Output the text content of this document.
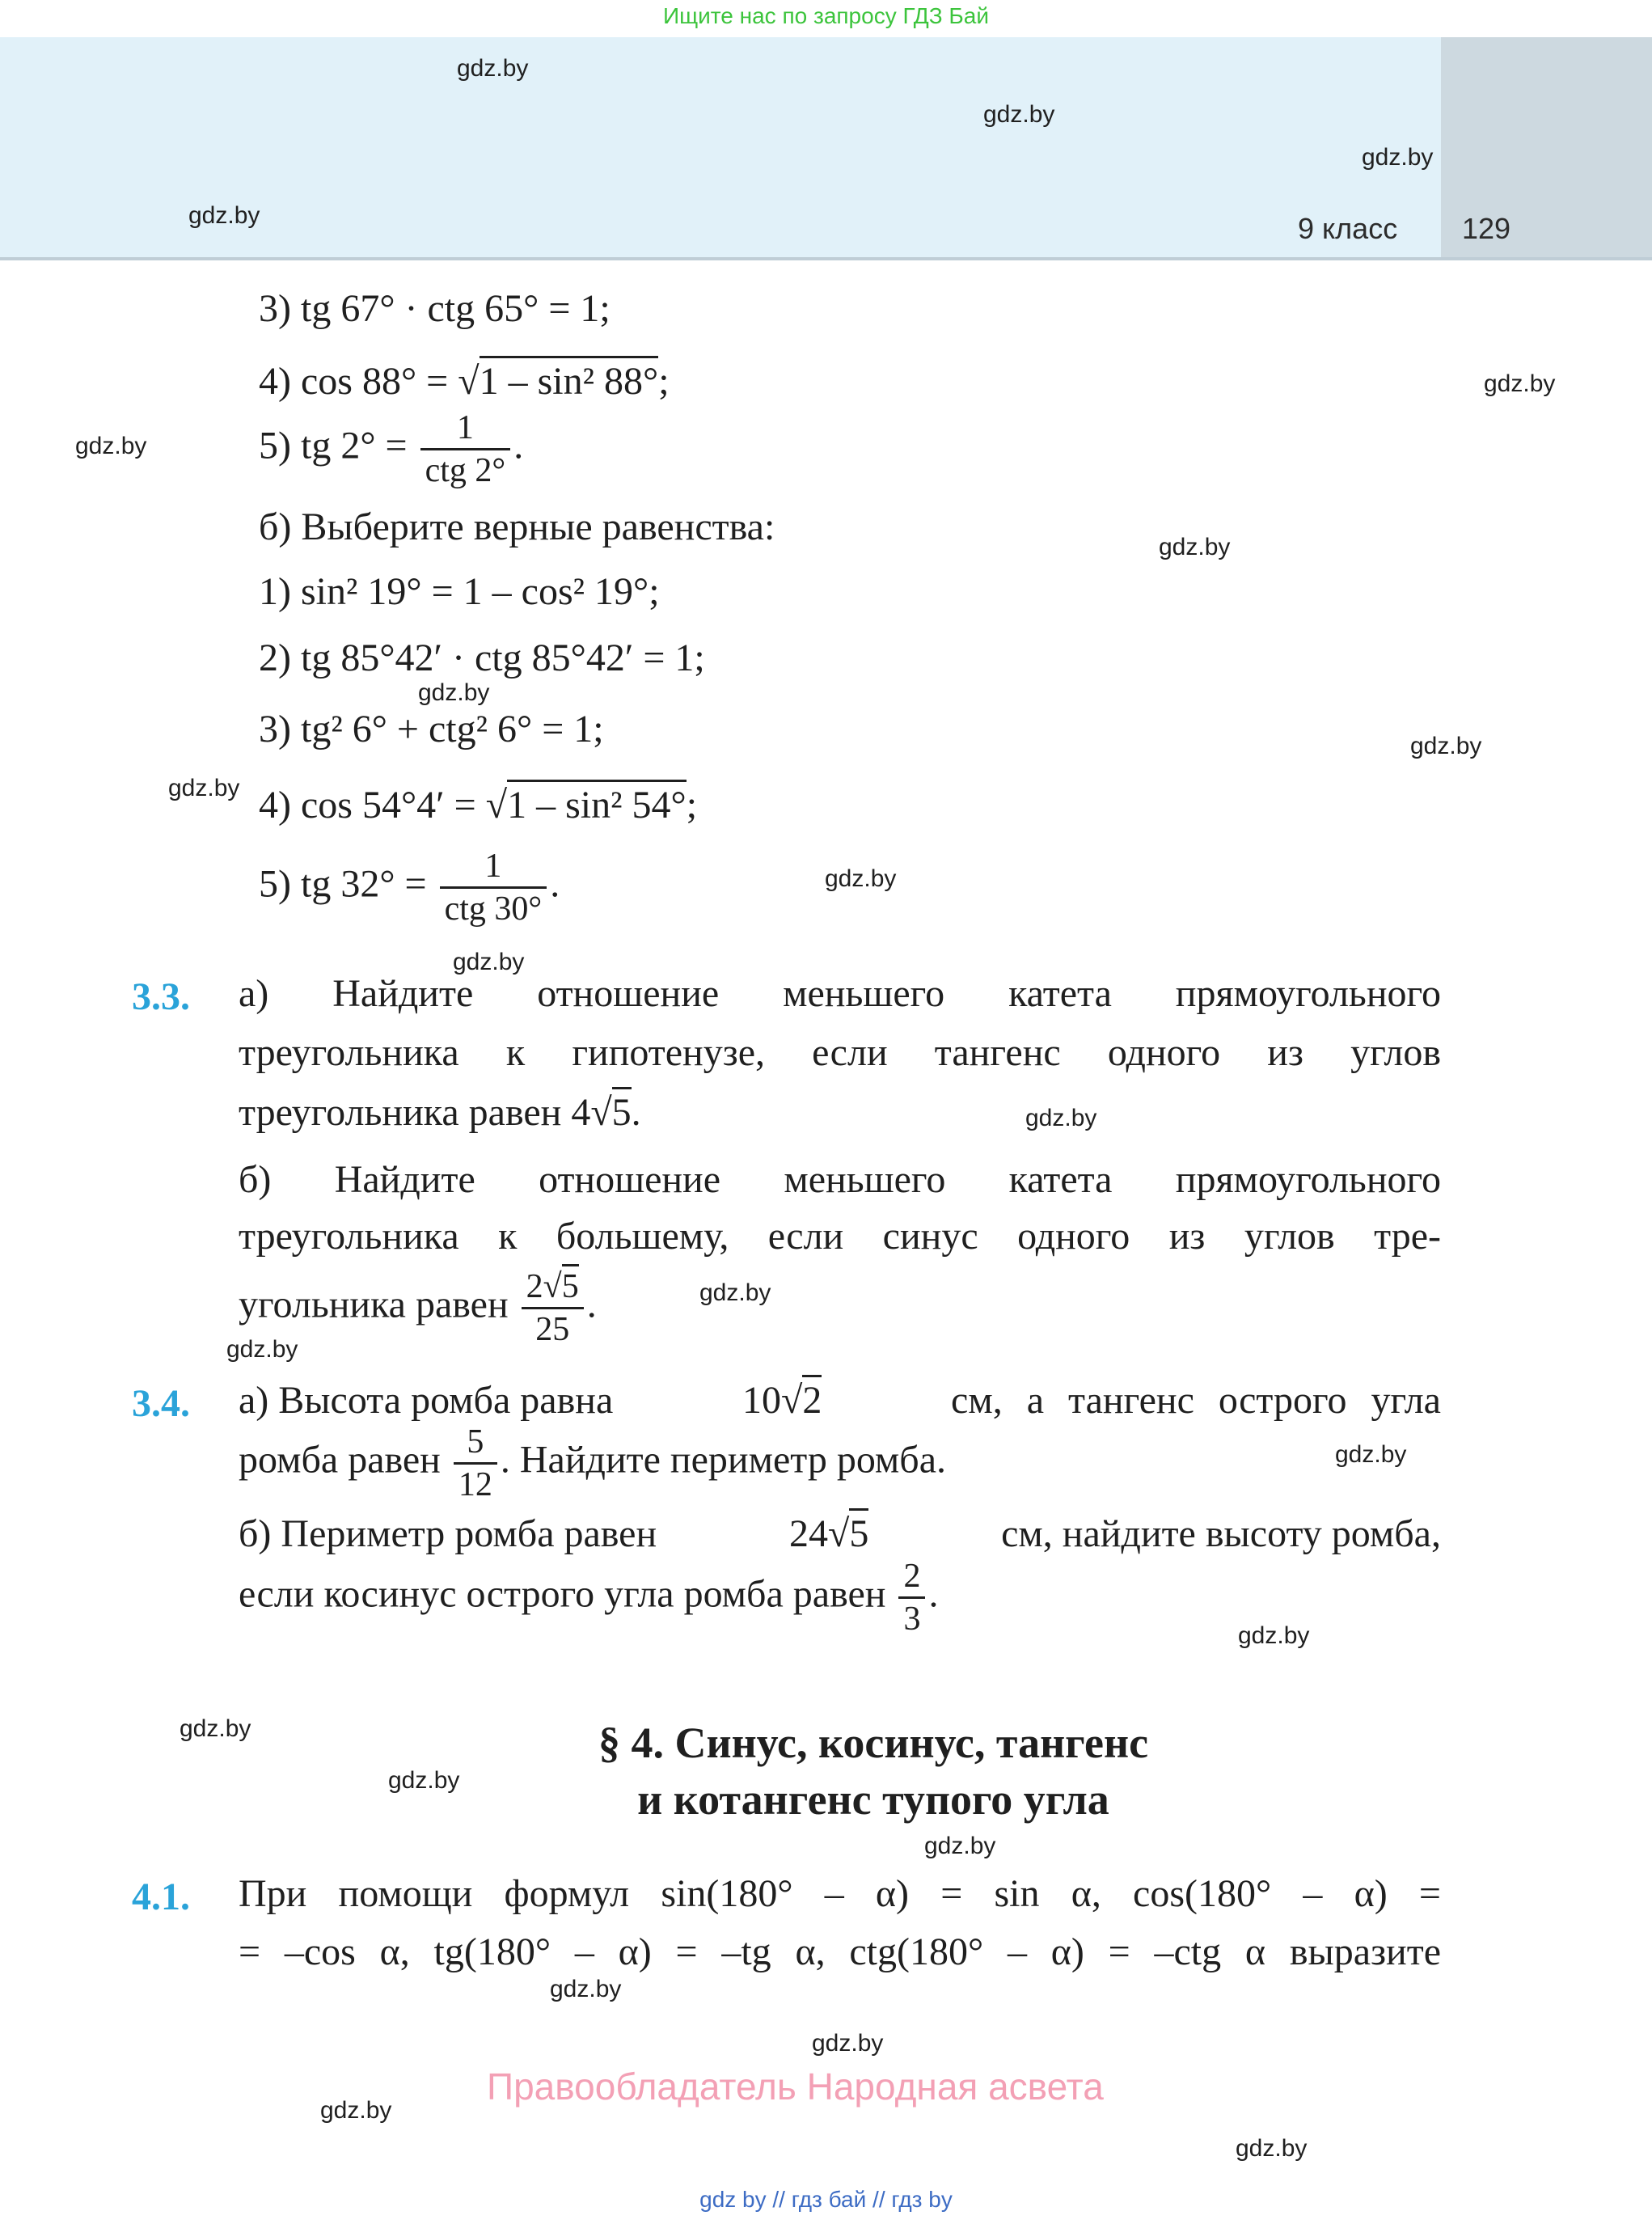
Ищите нас по запросу ГДЗ Бай
9 класс 129
gdz.by
gdz.by
gdz.by
gdz.by
gdz.by
gdz.by
gdz.by
gdz.by
gdz.by
gdz.by
gdz.by
gdz.by
gdz.by
gdz.by
gdz.by
gdz.by
gdz.by
gdz.by
gdz.by
gdz.by
gdz.by
gdz.by
gdz.by
gdz.by
3) tg 67° · ctg 65° = 1;
4) cos 88° = √1 – sin² 88°;
5) tg $2^\circ = \frac{1}{\text{ctg 2°}}$ .
б) Выберите верные равенства:
1) sin² 19° = 1 – cos² 19°;
2) tg 85°42′ · ctg 85°42′ = 1;
3) tg² 6° + ctg² 6° = 1;
4) cos 54°4′ = √1 – sin² 54°;
5) tg $32^\circ = \frac{1}{\text{ctg 30°}}$ .
3.3. а) Найдите отношение меньшего катета прямоугольного
треугольника к гипотенузе, если тангенс одного из углов
треугольника равен 4√5.
б) Найдите отношение меньшего катета прямоугольного
треугольника к большему, если синус одного из углов тре-
угольника равен $\frac{2√5}{25}$ .
3.4. а) Высота ромба равна	10√2	см, а тангенс острого угла
ромба равен $\frac{5}{12}$ . Найдите периметр ромба.
б) Периметр ромба равен	24√5	см, найдите высоту ромба,
если косинус острого угла ромба равен $\frac{2}{3}$ .
§ 4. Синус, косинус, тангенс
и котангенс тупого угла
4.1. При помощи формул sin(180° – α) = sin α, cos(180° – α) =
= –cos α, tg(180° – α) = –tg α, ctg(180° – α) = –ctg α выразите
Правообладатель Народная асвета
gdz by // гдз бай // гдз by
